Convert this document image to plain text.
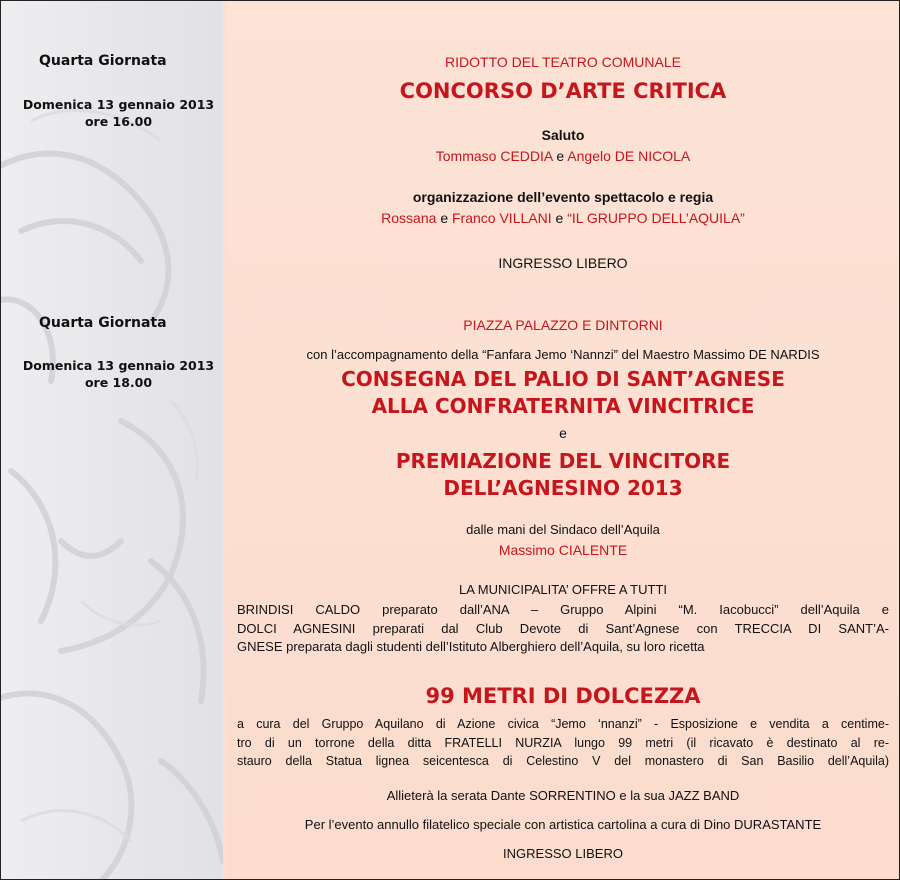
Quarta Giornata
Domenica 13 gennaio 2013
ore 16.00
Quarta Giornata
Domenica 13 gennaio 2013
ore 18.00
RIDOTTO DEL TEATRO COMUNALE
CONCORSO D’ARTE CRITICA
Saluto
Tommaso CEDDIA e Angelo DE NICOLA
organizzazione dell’evento spettacolo e regia
Rossana e Franco VILLANI e “IL GRUPPO DELL’AQUILA”
INGRESSO LIBERO
PIAZZA PALAZZO E DINTORNI
con l’accompagnamento della “Fanfara Jemo ‘Nannzi” del Maestro Massimo DE NARDIS
CONSEGNA DEL PALIO DI SANT’AGNESE
ALLA CONFRATERNITA VINCITRICE
e
PREMIAZIONE DEL VINCITORE
DELL’AGNESINO 2013
dalle mani del Sindaco dell’Aquila
Massimo CIALENTE
LA MUNICIPALITA’ OFFRE A TUTTI
BRINDISI CALDO preparato dall’ANA – Gruppo Alpini “M. Iacobucci” dell’Aquila e
DOLCI AGNESINI preparati dal Club Devote di Sant’Agnese con TRECCIA DI SANT’A-
GNESE preparata dagli studenti dell’Istituto Alberghiero dell’Aquila, su loro ricetta
99 METRI DI DOLCEZZA
a cura del Gruppo Aquilano di Azione civica “Jemo ‘nnanzi” - Esposizione e vendita a centime-
tro di un torrone della ditta FRATELLI NURZIA lungo 99 metri (il ricavato è destinato al re-
stauro della Statua lignea seicentesca di Celestino V del monastero di San Basilio dell’Aquila)
Allieterà la serata Dante SORRENTINO e la sua JAZZ BAND
Per l’evento annullo filatelico speciale con artistica cartolina a cura di Dino DURASTANTE
INGRESSO LIBERO
